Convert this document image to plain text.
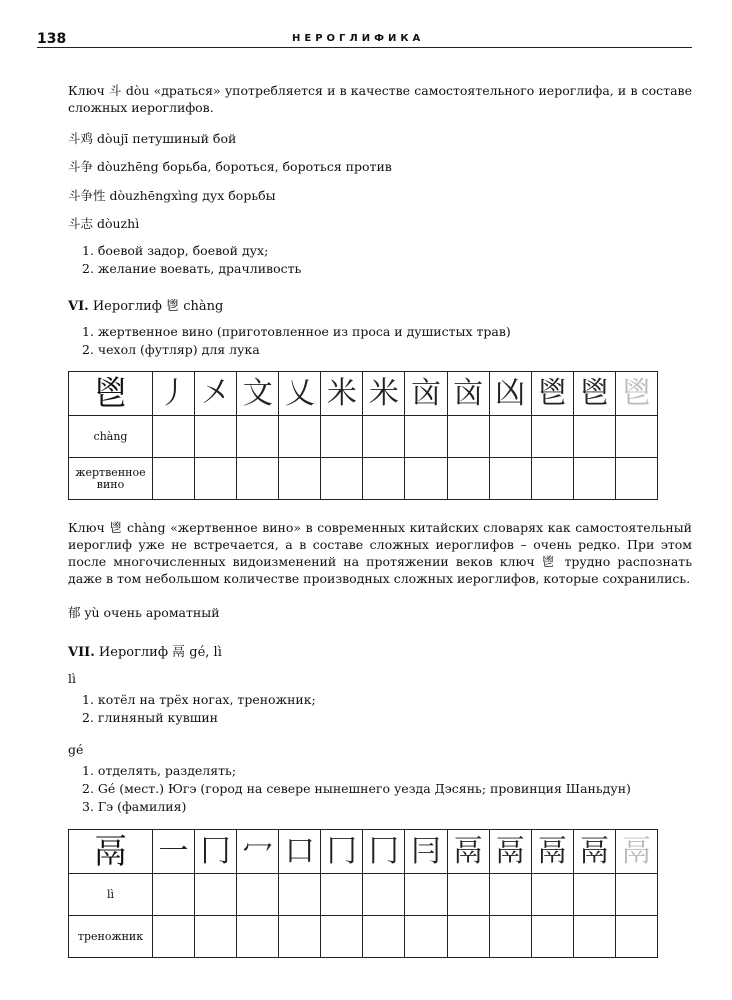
138	НЕРОГЛИФИКА
Ключ 斗 dòu «драться» употребляется и в качестве самостоятельного иероглифа, и в составе сложных иероглифов.
斗鸡 dòujī петушиный бой
斗争 dòuzhēng борьба, бороться, бороться против
斗争性 dòuzhēngxìng дух борьбы
斗志 dòuzhì
1. боевой задор, боевой дух;
2. желание воевать, драчливость
VI. Иероглиф 鬯 chàng
1. жертвенное вино (приготовленное из проса и душистых трав)
2. чехол (футляр) для лука
鬯	丿	㐅	文	乂	米	米	㐫	㐫	凶	鬯	鬯	鬯
chàng												
жертвенное вино												
Ключ 鬯 chàng «жертвенное вино» в современных китайских словарях как самостоятельный иероглиф уже не встречается, а в составе сложных иероглифов – очень редко. При этом после многочисленных видоизменений на протяжении веков ключ 鬯 трудно распознать даже в том небольшом количестве производных сложных иероглифов, которые сохранились.
郁 yù очень ароматный
VII. Иероглиф 鬲 gé, lì
lì
1. котёл на трёх ногах, треножник;
2. глиняный кувшин
gé
1. отделять, разделять;
2. Gé (мест.) Югэ (город на севере нынешнего уезда Дэсянь; провинция Шаньдун)
3. Гэ (фамилия)
鬲	一	冂	冖	口	冂	冂	冃	鬲	鬲	鬲	鬲	鬲
lì												
треножник												
